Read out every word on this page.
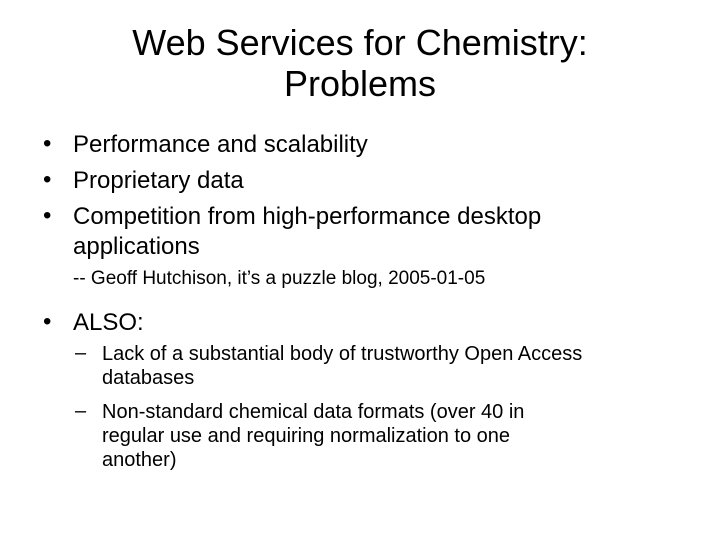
Web Services for Chemistry:
Problems
• Performance and scalability
• Proprietary data
• Competition from high-performance desktop
applications
-- Geoff Hutchison, it’s a puzzle blog, 2005-01-05
• ALSO:
– Lack of a substantial body of trustworthy Open Access
databases
– Non-standard chemical data formats (over 40 in
regular use and requiring normalization to one
another)
